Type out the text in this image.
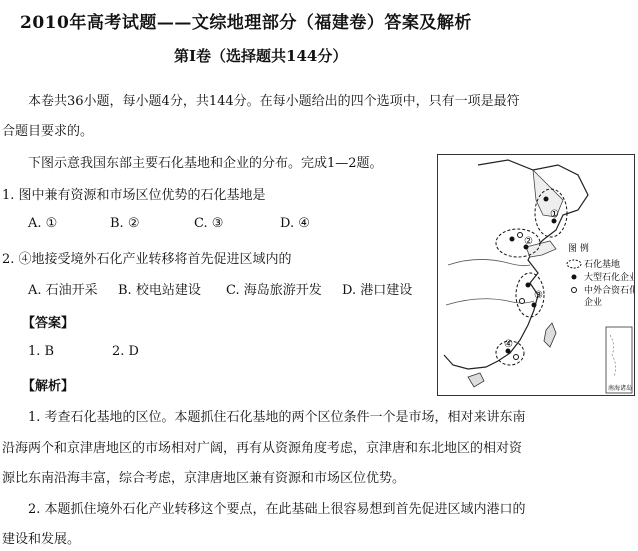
2010年高考试题——文综地理部分（福建卷）答案及解析
第Ⅰ卷（选择题共144分）
本卷共36小题，每小题4分，共144分。在每小题给出的四个选项中，只有一项是最符
合题目要求的。
下图示意我国东部主要石化基地和企业的分布。完成1—2题。
1. 图中兼有资源和市场区位优势的石化基地是
A. ①	B. ②	C. ③	D. ④
2. ④地接受境外石化产业转移将首先促进区域内的
A. 石油开采 B. 校电站建设 C. 海岛旅游开发 D. 港口建设
【答案】
1. B	2. D
【解析】
1. 考查石化基地的区位。本题抓住石化基地的两个区位条件一个是市场，相对来讲东南
沿海两个和京津唐地区的市场相对广阔，再有从资源角度考虑，京津唐和东北地区的相对资
源比东南沿海丰富，综合考虑，京津唐地区兼有资源和市场区位优势。
2. 本题抓住境外石化产业转移这个要点，在此基础上很容易想到首先促进区域内港口的
建设和发展。
①
②
③
④
图 例
石化基地
大型石化企业
中外合资石化
企业
南海诸岛
